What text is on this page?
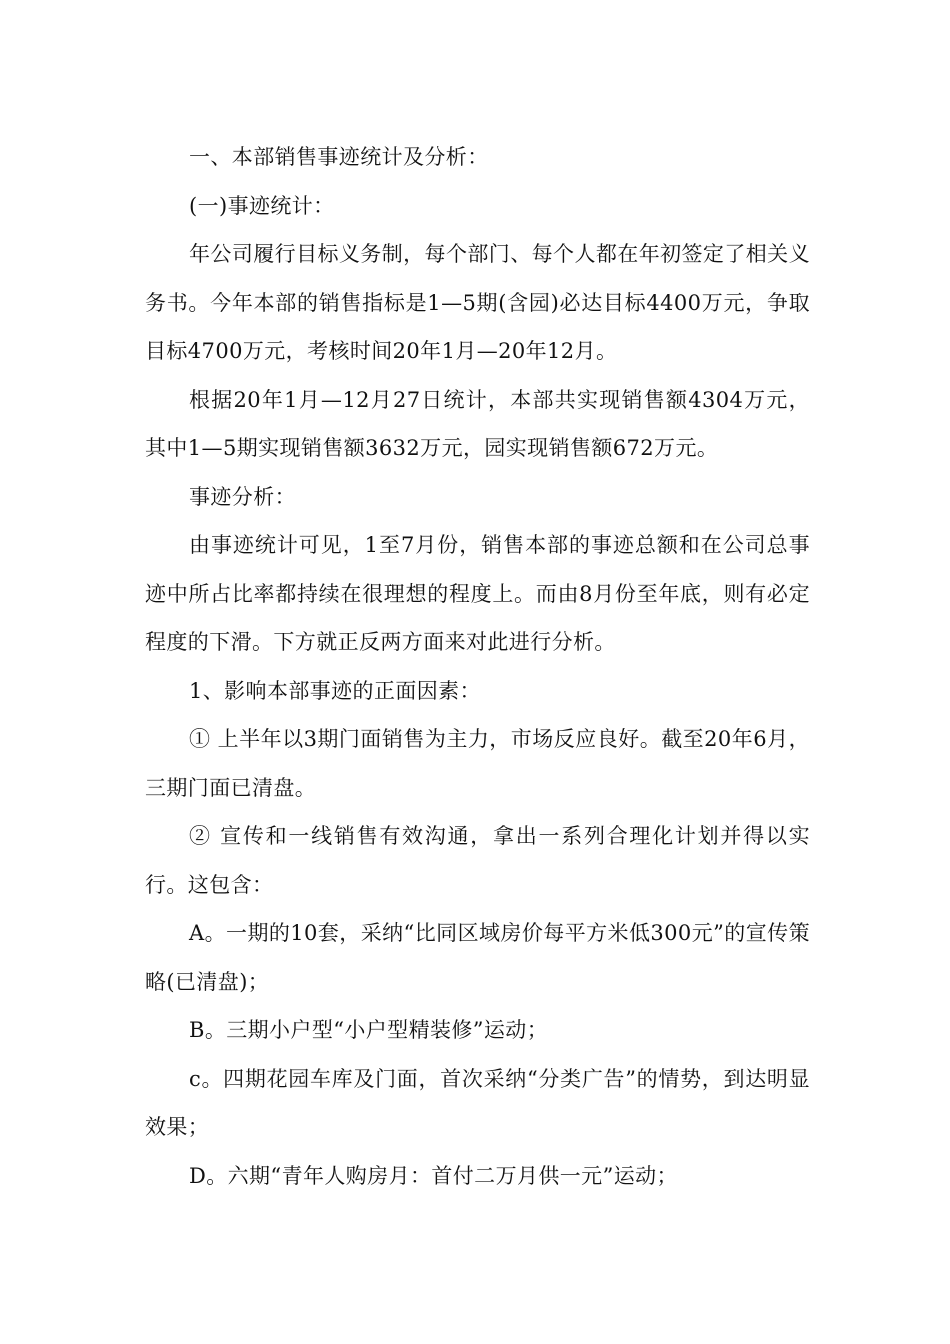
一、本部销售事迹统计及分析：

(一)事迹统计：

年公司履行目标义务制，每个部门、每个人都在年初签定了相关义务书。今年本部的销售指标是1—5期(含园)必达目标4400万元，争取目标4700万元，考核时间20年1月—20年12月。

根据20年1月—12月27日统计，本部共实现销售额4304万元，其中1—5期实现销售额3632万元，园实现销售额672万元。

事迹分析：

由事迹统计可见，1至7月份，销售本部的事迹总额和在公司总事迹中所占比率都持续在很理想的程度上。而由8月份至年底，则有必定程度的下滑。下方就正反两方面来对此进行分析。

1、影响本部事迹的正面因素：

① 上半年以3期门面销售为主力，市场反应良好。截至20年6月，三期门面已清盘。

② 宣传和一线销售有效沟通，拿出一系列合理化计划并得以实行。这包含：

A。一期的10套，采纳“比同区域房价每平方米低300元”的宣传策略(已清盘)；

B。三期小户型“小户型精装修”运动；

c。四期花园车库及门面，首次采纳“分类广告”的情势，到达明显效果；

D。六期“青年人购房月：首付二万月供一元”运动；
